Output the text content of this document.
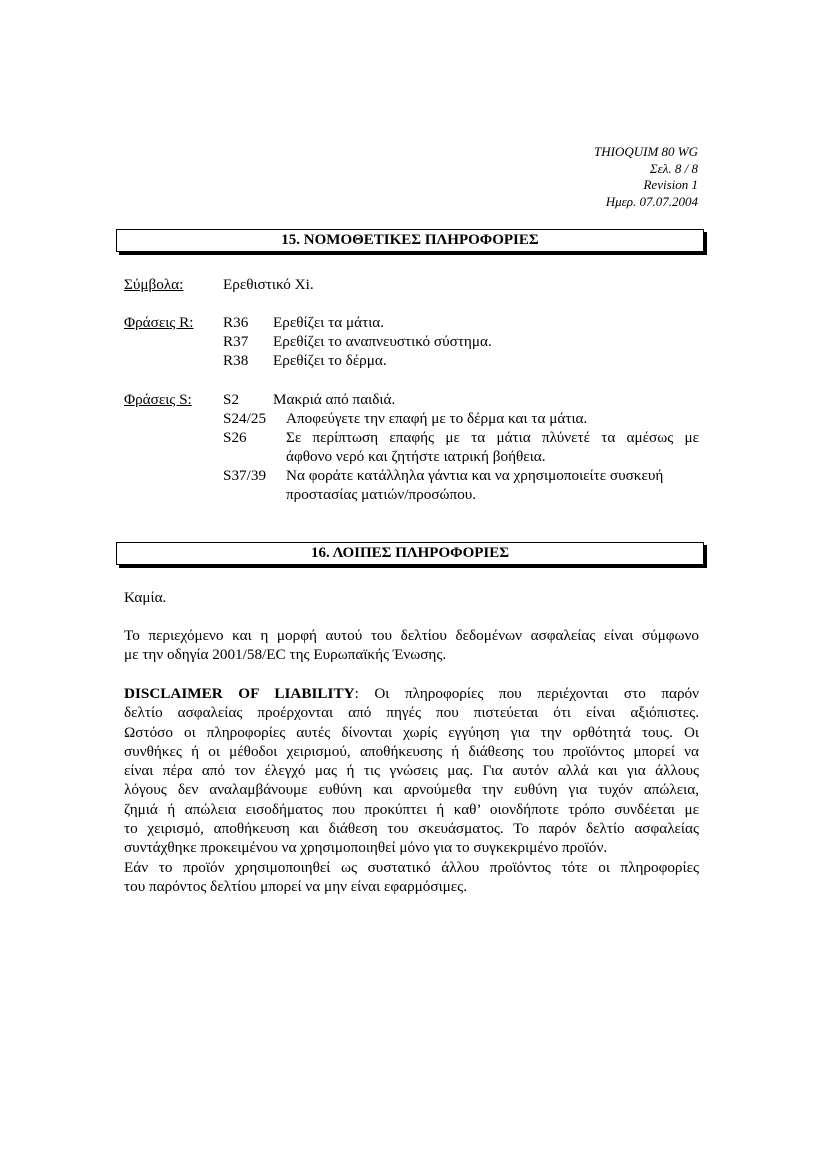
THIOQUIM 80 WG
Σελ. 8 / 8
Revision 1
Ημερ. 07.07.2004
15. ΝΟΜΟΘΕΤΙΚΕΣ ΠΛΗΡΟΦΟΡΙΕΣ
Σύμβολα:	Ερεθιστικό Xi.
Φράσεις R: R36 Ερεθίζει τα μάτια.
R37 Ερεθίζει το αναπνευστικό σύστημα.
R38 Ερεθίζει το δέρμα.
Φράσεις S: S2 Μακριά από παιδιά.
S24/25 Αποφεύγετε την επαφή με το δέρμα και τα μάτια.
S26	Σε περίπτωση επαφής με τα μάτια πλύνετέ τα αμέσως με
άφθονο νερό και ζητήστε ιατρική βοήθεια.
S37/39 Να φοράτε κατάλληλα γάντια και να χρησιμοποιείτε συσκευή
προστασίας ματιών/προσώπου.
16. ΛΟΙΠΕΣ ΠΛΗΡΟΦΟΡΙΕΣ
Καμία.
Το περιεχόμενο και η μορφή αυτού του δελτίου δεδομένων ασφαλείας είναι σύμφωνο
με την οδηγία 2001/58/EC της Ευρωπαϊκής Ένωσης.
DISCLAIMER OF LIABILITY: Οι πληροφορίες που περιέχονται στο παρόν
δελτίο ασφαλείας προέρχονται από πηγές που πιστεύεται ότι είναι αξιόπιστες.
Ωστόσο οι πληροφορίες αυτές δίνονται χωρίς εγγύηση για την ορθότητά τους. Οι
συνθήκες ή οι μέθοδοι χειρισμού, αποθήκευσης ή διάθεσης του προϊόντος μπορεί να
είναι πέρα από τον έλεγχό μας ή τις γνώσεις μας. Για αυτόν αλλά και για άλλους
λόγους δεν αναλαμβάνουμε ευθύνη και αρνούμεθα την ευθύνη για τυχόν απώλεια,
ζημιά ή απώλεια εισοδήματος που προκύπτει ή καθ’ οιονδήποτε τρόπο συνδέεται με
το χειρισμό, αποθήκευση και διάθεση του σκευάσματος. Το παρόν δελτίο ασφαλείας
συντάχθηκε προκειμένου να χρησιμοποιηθεί μόνο για το συγκεκριμένο προϊόν.
Εάν το προϊόν χρησιμοποιηθεί ως συστατικό άλλου προϊόντος τότε οι πληροφορίες
του παρόντος δελτίου μπορεί να μην είναι εφαρμόσιμες.
